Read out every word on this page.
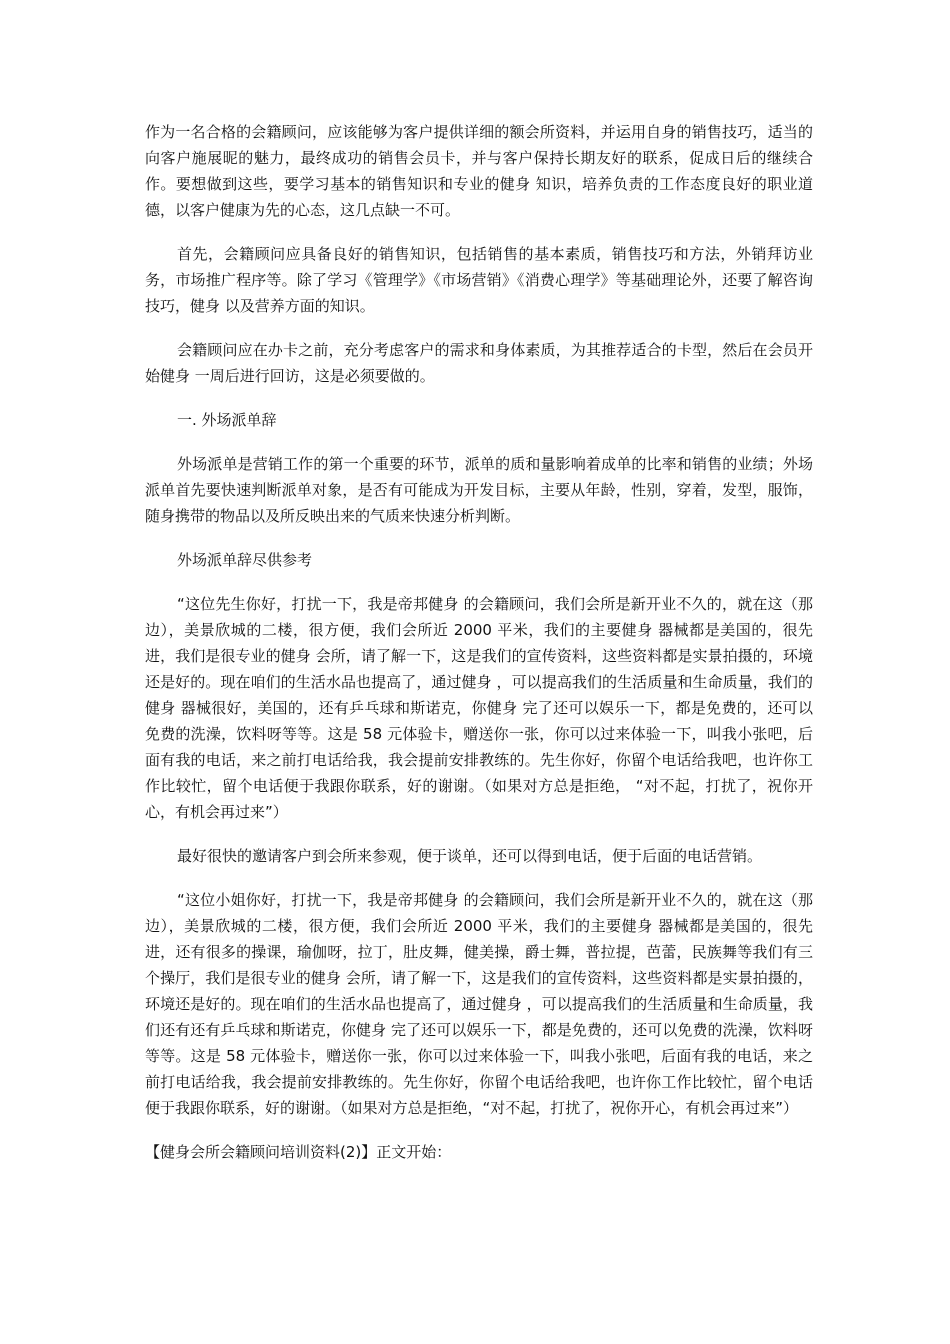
作为一名合格的会籍顾问，应该能够为客户提供详细的额会所资料，并运用自身的销售技巧，适当的向客户施展昵的魅力，最终成功的销售会员卡，并与客户保持长期友好的联系，促成日后的继续合作。要想做到这些，要学习基本的销售知识和专业的健身 知识，培养负责的工作态度良好的职业道德，以客户健康为先的心态，这几点缺一不可。

首先，会籍顾问应具备良好的销售知识，包括销售的基本素质，销售技巧和方法，外销拜访业务，市场推广程序等。除了学习《管理学》《市场营销》《消费心理学》等基础理论外，还要了解咨询技巧，健身 以及营养方面的知识。

会籍顾问应在办卡之前，充分考虑客户的需求和身体素质，为其推荐适合的卡型，然后在会员开始健身 一周后进行回访，这是必须要做的。

一. 外场派单辞

外场派单是营销工作的第一个重要的环节，派单的质和量影响着成单的比率和销售的业绩；外场派单首先要快速判断派单对象，是否有可能成为开发目标，主要从年龄，性别，穿着，发型，服饰，随身携带的物品以及所反映出来的气质来快速分析判断。

外场派单辞尽供参考

“这位先生你好，打扰一下，我是帝邦健身 的会籍顾问，我们会所是新开业不久的，就在这（那边），美景欣城的二楼，很方便，我们会所近 2000 平米，我们的主要健身 器械都是美国的，很先进，我们是很专业的健身 会所，请了解一下，这是我们的宣传资料，这些资料都是实景拍摄的，环境还是好的。现在咱们的生活水品也提高了，通过健身 ，可以提高我们的生活质量和生命质量，我们的健身 器械很好，美国的，还有乒乓球和斯诺克，你健身 完了还可以娱乐一下，都是免费的，还可以免费的洗澡，饮料呀等等。这是 58 元体验卡，赠送你一张，你可以过来体验一下，叫我小张吧，后面有我的电话，来之前打电话给我，我会提前安排教练的。先生你好，你留个电话给我吧，也许你工作比较忙，留个电话便于我跟你联系，好的谢谢。（如果对方总是拒绝， “对不起，打扰了，祝你开心，有机会再过来”）

最好很快的邀请客户到会所来参观，便于谈单，还可以得到电话，便于后面的电话营销。

“这位小姐你好，打扰一下，我是帝邦健身 的会籍顾问，我们会所是新开业不久的，就在这（那边），美景欣城的二楼，很方便，我们会所近 2000 平米，我们的主要健身 器械都是美国的，很先进，还有很多的操课，瑜伽呀，拉丁，肚皮舞，健美操，爵士舞，普拉提，芭蕾，民族舞等我们有三个操厅，我们是很专业的健身 会所，请了解一下，这是我们的宣传资料，这些资料都是实景拍摄的，环境还是好的。现在咱们的生活水品也提高了，通过健身 ，可以提高我们的生活质量和生命质量，我们还有还有乒乓球和斯诺克，你健身 完了还可以娱乐一下，都是免费的，还可以免费的洗澡，饮料呀等等。这是 58 元体验卡，赠送你一张，你可以过来体验一下，叫我小张吧，后面有我的电话，来之前打电话给我，我会提前安排教练的。先生你好，你留个电话给我吧，也许你工作比较忙，留个电话便于我跟你联系，好的谢谢。（如果对方总是拒绝，“对不起，打扰了，祝你开心，有机会再过来”）

【健身会所会籍顾问培训资料(2)】正文开始：
